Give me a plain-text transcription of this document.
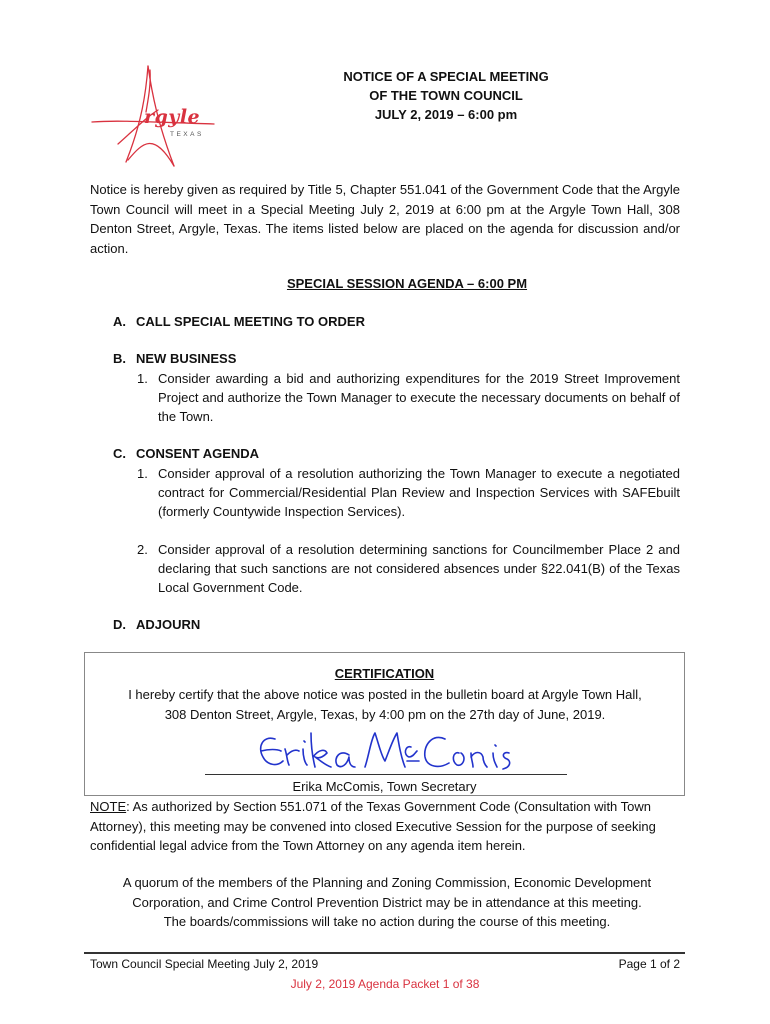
rgyle
TEXAS
NOTICE OF A SPECIAL MEETING
OF THE TOWN COUNCIL
JULY 2, 2019 – 6:00 pm
Notice is hereby given as required by Title 5, Chapter 551.041 of the Government Code that the Argyle Town Council will meet in a Special Meeting July 2, 2019 at 6:00 pm at the Argyle Town Hall, 308 Denton Street, Argyle, Texas. The items listed below are placed on the agenda for discussion and/or action.
SPECIAL SESSION AGENDA – 6:00 PM
A. CALL SPECIAL MEETING TO ORDER
B. NEW BUSINESS
1. Consider awarding a bid and authorizing expenditures for the 2019 Street Improvement Project and authorize the Town Manager to execute the necessary documents on behalf of the Town.
C. CONSENT AGENDA
1. Consider approval of a resolution authorizing the Town Manager to execute a negotiated contract for Commercial/Residential Plan Review and Inspection Services with SAFEbuilt (formerly Countywide Inspection Services).
2. Consider approval of a resolution determining sanctions for Councilmember Place 2 and declaring that such sanctions are not considered absences under §22.041(B) of the Texas Local Government Code.
D. ADJOURN
CERTIFICATION
I hereby certify that the above notice was posted in the bulletin board at Argyle Town Hall,
308 Denton Street, Argyle, Texas, by 4:00 pm on the 27th day of June, 2019.
Erika McComis, Town Secretary
NOTE: As authorized by Section 551.071 of the Texas Government Code (Consultation with Town Attorney), this meeting may be convened into closed Executive Session for the purpose of seeking confidential legal advice from the Town Attorney on any agenda item herein.
A quorum of the members of the Planning and Zoning Commission, Economic Development
Corporation, and Crime Control Prevention District may be in attendance at this meeting.
The boards/commissions will take no action during the course of this meeting.
Town Council Special Meeting July 2, 2019	Page 1 of 2
July 2, 2019 Agenda Packet 1 of 38
